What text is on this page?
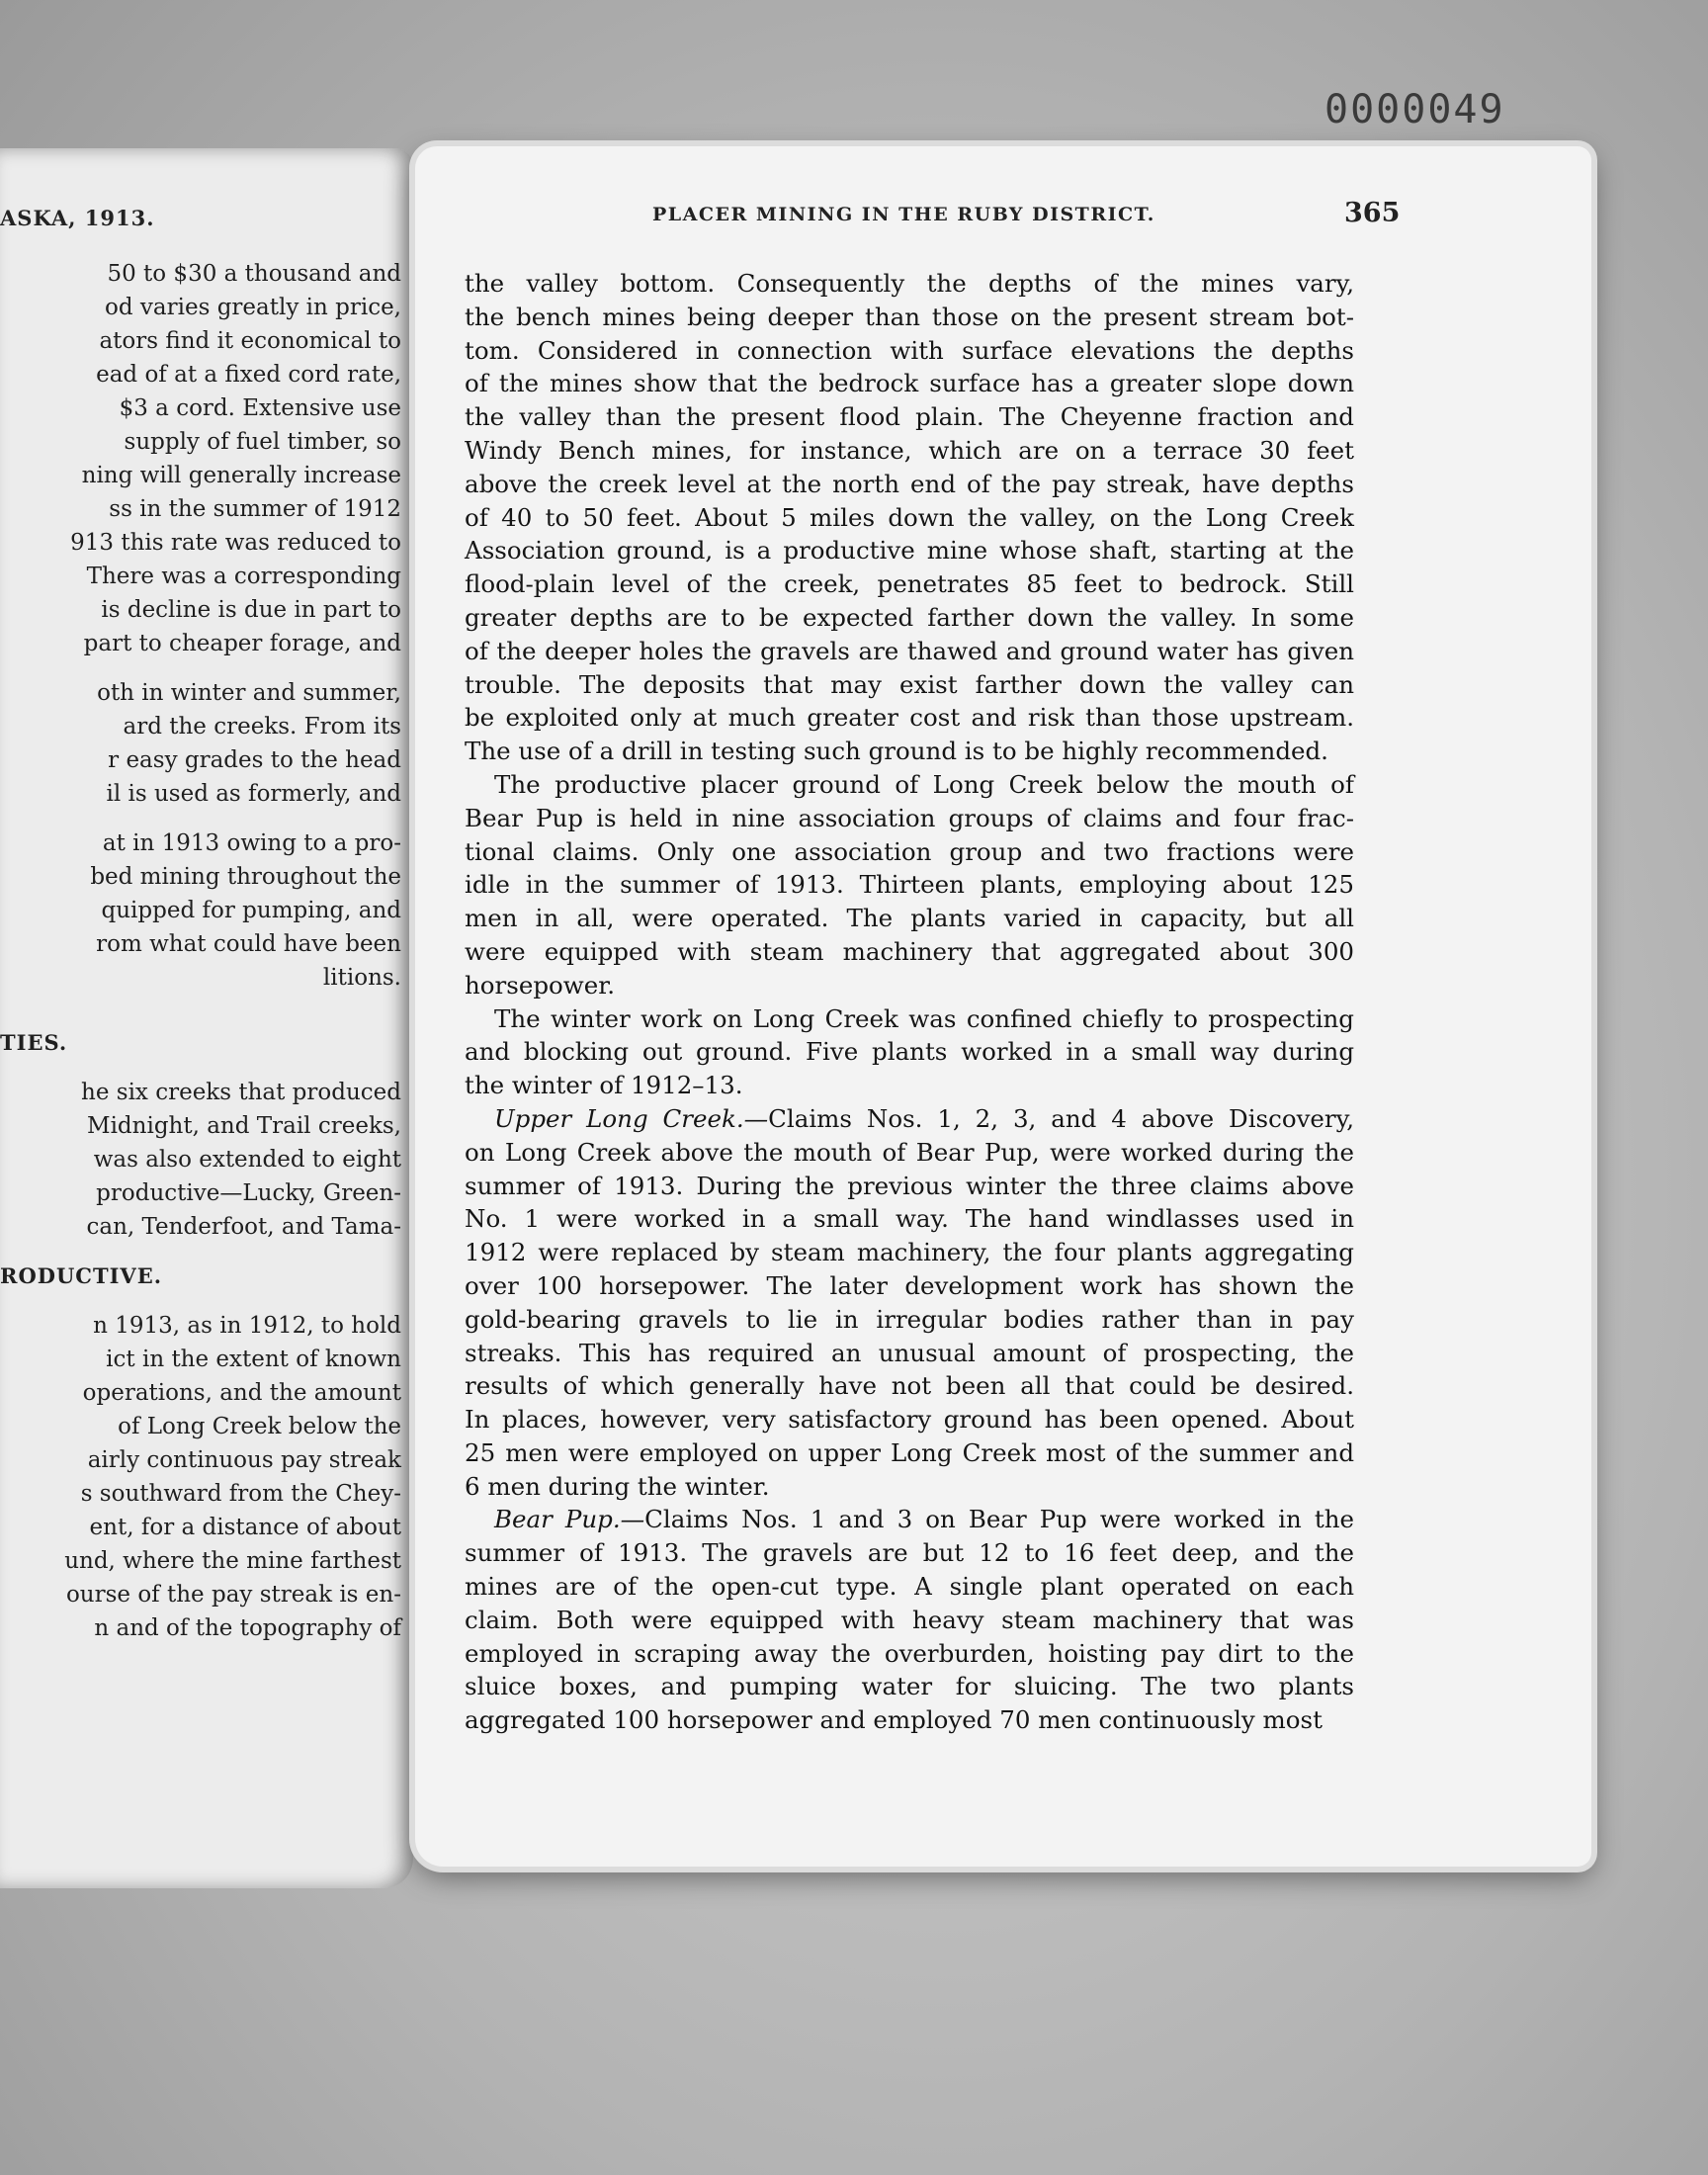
0000049
ASKA, 1913.
50 to $30 a thousand and
od varies greatly in price,
ators find it economical to
ead of at a fixed cord rate,
$3 a cord. Extensive use
supply of fuel timber, so
ning will generally increase
ss in the summer of 1912
913 this rate was reduced to
There was a corresponding
is decline is due in part to
part to cheaper forage, and
oth in winter and summer,
ard the creeks. From its
r easy grades to the head
il is used as formerly, and
at in 1913 owing to a pro-
bed mining throughout the
quipped for pumping, and
rom what could have been
litions.
TIES.
he six creeks that produced
Midnight, and Trail creeks,
was also extended to eight
productive—Lucky, Green-
can, Tenderfoot, and Tama-
RODUCTIVE.
n 1913, as in 1912, to hold
ict in the extent of known
operations, and the amount
of Long Creek below the
airly continuous pay streak
s southward from the Chey-
ent, for a distance of about
und, where the mine farthest
ourse of the pay streak is en-
n and of the topography of
PLACER MINING IN THE RUBY DISTRICT.	365
the valley bottom. Consequently the depths of the mines vary,
the bench mines being deeper than those on the present stream bot-
tom. Considered in connection with surface elevations the depths
of the mines show that the bedrock surface has a greater slope down
the valley than the present flood plain. The Cheyenne fraction and
Windy Bench mines, for instance, which are on a terrace 30 feet
above the creek level at the north end of the pay streak, have depths
of 40 to 50 feet. About 5 miles down the valley, on the Long Creek
Association ground, is a productive mine whose shaft, starting at the
flood-plain level of the creek, penetrates 85 feet to bedrock. Still
greater depths are to be expected farther down the valley. In some
of the deeper holes the gravels are thawed and ground water has given
trouble. The deposits that may exist farther down the valley can
be exploited only at much greater cost and risk than those upstream.
The use of a drill in testing such ground is to be highly recommended.
The productive placer ground of Long Creek below the mouth of
Bear Pup is held in nine association groups of claims and four frac-
tional claims. Only one association group and two fractions were
idle in the summer of 1913. Thirteen plants, employing about 125
men in all, were operated. The plants varied in capacity, but all
were equipped with steam machinery that aggregated about 300
horsepower.
The winter work on Long Creek was confined chiefly to prospecting
and blocking out ground. Five plants worked in a small way during
the winter of 1912–13.
Upper Long Creek.—Claims Nos. 1, 2, 3, and 4 above Discovery,
on Long Creek above the mouth of Bear Pup, were worked during the
summer of 1913. During the previous winter the three claims above
No. 1 were worked in a small way. The hand windlasses used in
1912 were replaced by steam machinery, the four plants aggregating
over 100 horsepower. The later development work has shown the
gold-bearing gravels to lie in irregular bodies rather than in pay
streaks. This has required an unusual amount of prospecting, the
results of which generally have not been all that could be desired.
In places, however, very satisfactory ground has been opened. About
25 men were employed on upper Long Creek most of the summer and
6 men during the winter.
Bear Pup.—Claims Nos. 1 and 3 on Bear Pup were worked in the
summer of 1913. The gravels are but 12 to 16 feet deep, and the
mines are of the open-cut type. A single plant operated on each
claim. Both were equipped with heavy steam machinery that was
employed in scraping away the overburden, hoisting pay dirt to the
sluice boxes, and pumping water for sluicing. The two plants
aggregated 100 horsepower and employed 70 men continuously most
